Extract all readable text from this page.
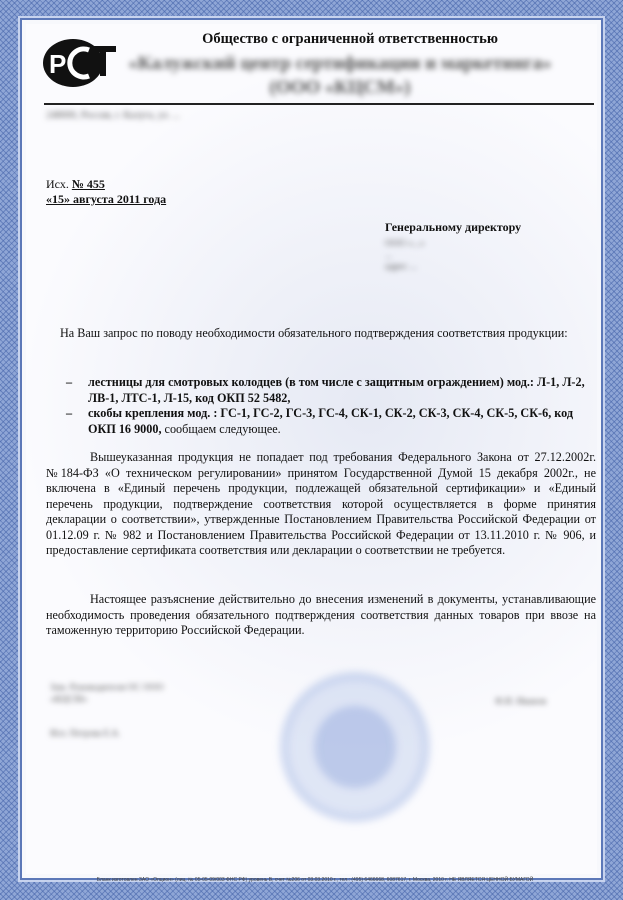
Р
Общество с ограниченной ответственностью
«Калужский центр сертификации и маркетинга» (ООО «КЦСМ»)
248000, Россия, г. Калуга, ул. ...
Исх. № 455
«15» августа 2011 года
Генеральному директору
ООО «...»
...
адрес ...
На Ваш запрос по поводу необходимости обязательного подтверждения соответствия продукции:
– лестницы для смотровых колодцев (в том числе с защитным ограждением) мод.: Л-1, Л-2, ЛВ-1, ЛТС-1, Л-15, код ОКП 52 5482,
– скобы крепления мод. : ГС-1, ГС-2, ГС-3, ГС-4, СК-1, СК-2, СК-3, СК-4, СК-5, СК-6, код ОКП 16 9000, сообщаем следующее.
Вышеуказанная продукция не попадает под требования Федерального Закона от 27.12.2002г. №184-ФЗ «О техническом регулировании» принятом Государственной Думой 15 декабря 2002г., не включена в «Единый перечень продукции, подлежащей обязательной сертификации» и «Единый перечень продукции, подтверждение соответствия которой осуществляется в форме принятия декларации о соответствии», утвержденные Постановлением Правительства Российской Федерации от 01.12.09 г. № 982 и Постановлением Правительства Российской Федерации от 13.11.2010 г. № 906, и предоставление сертификата соответствия или декларации о соответствии не требуется.
Настоящее разъяснение действительно до внесения изменений в документы, устанавливающие необходимость проведения обязательного подтверждения соответствия данных товаров при ввозе на таможенную территорию Российской Федерации.
Зам. Руководителя ОС ООО «КЦСМ»	Ф.И. Иванов
Исп. Петрова Е.А.
Бланк изготовлен ЗАО «Опцион» (лиц. № 05-05-09/003 ФНС РФ) уровень В, счет №206 от 03.03.2010 г., тел.: (495) 6466668, 6087617, г. Москва, 2010 г. НЕ ЯВЛЯЕТСЯ ЦЕННОЙ БУМАГОЙ
